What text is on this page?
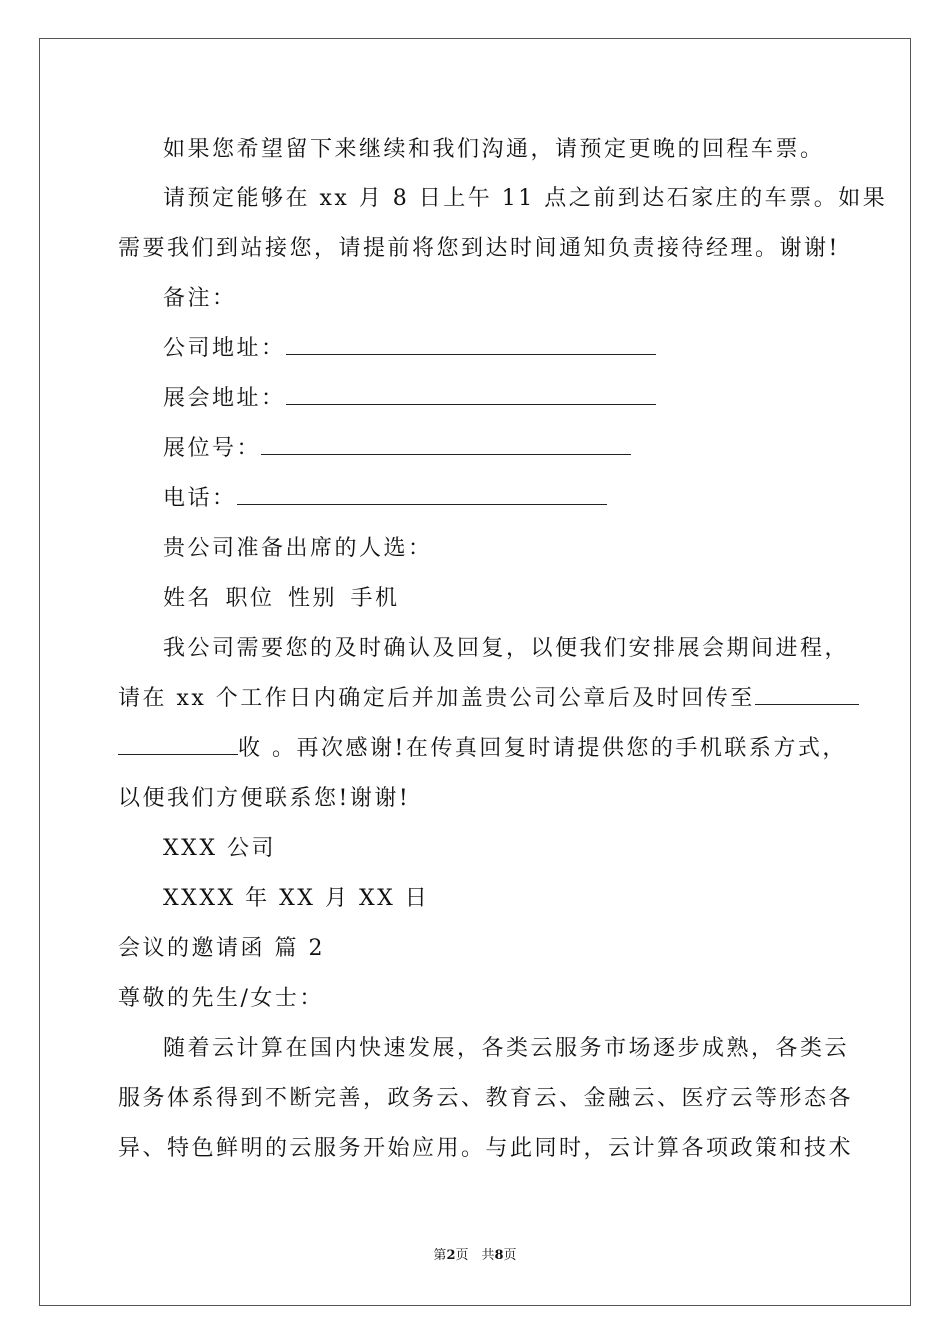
如果您希望留下来继续和我们沟通，请预定更晚的回程车票。
请预定能够在 xx 月 8 日上午 11 点之前到达石家庄的车票。如果
需要我们到站接您，请提前将您到达时间通知负责接待经理。谢谢!
备注：
公司地址：
展会地址：
展位号：
电话：
贵公司准备出席的人选：
姓名 职位 性别 手机
我公司需要您的及时确认及回复，以便我们安排展会期间进程，
请在 xx 个工作日内确定后并加盖贵公司公章后及时回传至
收 。再次感谢!在传真回复时请提供您的手机联系方式，
以便我们方便联系您!谢谢!
XXX 公司
XXXX 年 XX 月 XX 日
会议的邀请函 篇 2
尊敬的先生/女士：
随着云计算在国内快速发展，各类云服务市场逐步成熟，各类云
服务体系得到不断完善，政务云、教育云、金融云、医疗云等形态各
异、特色鲜明的云服务开始应用。与此同时，云计算各项政策和技术
第2页　共8页
